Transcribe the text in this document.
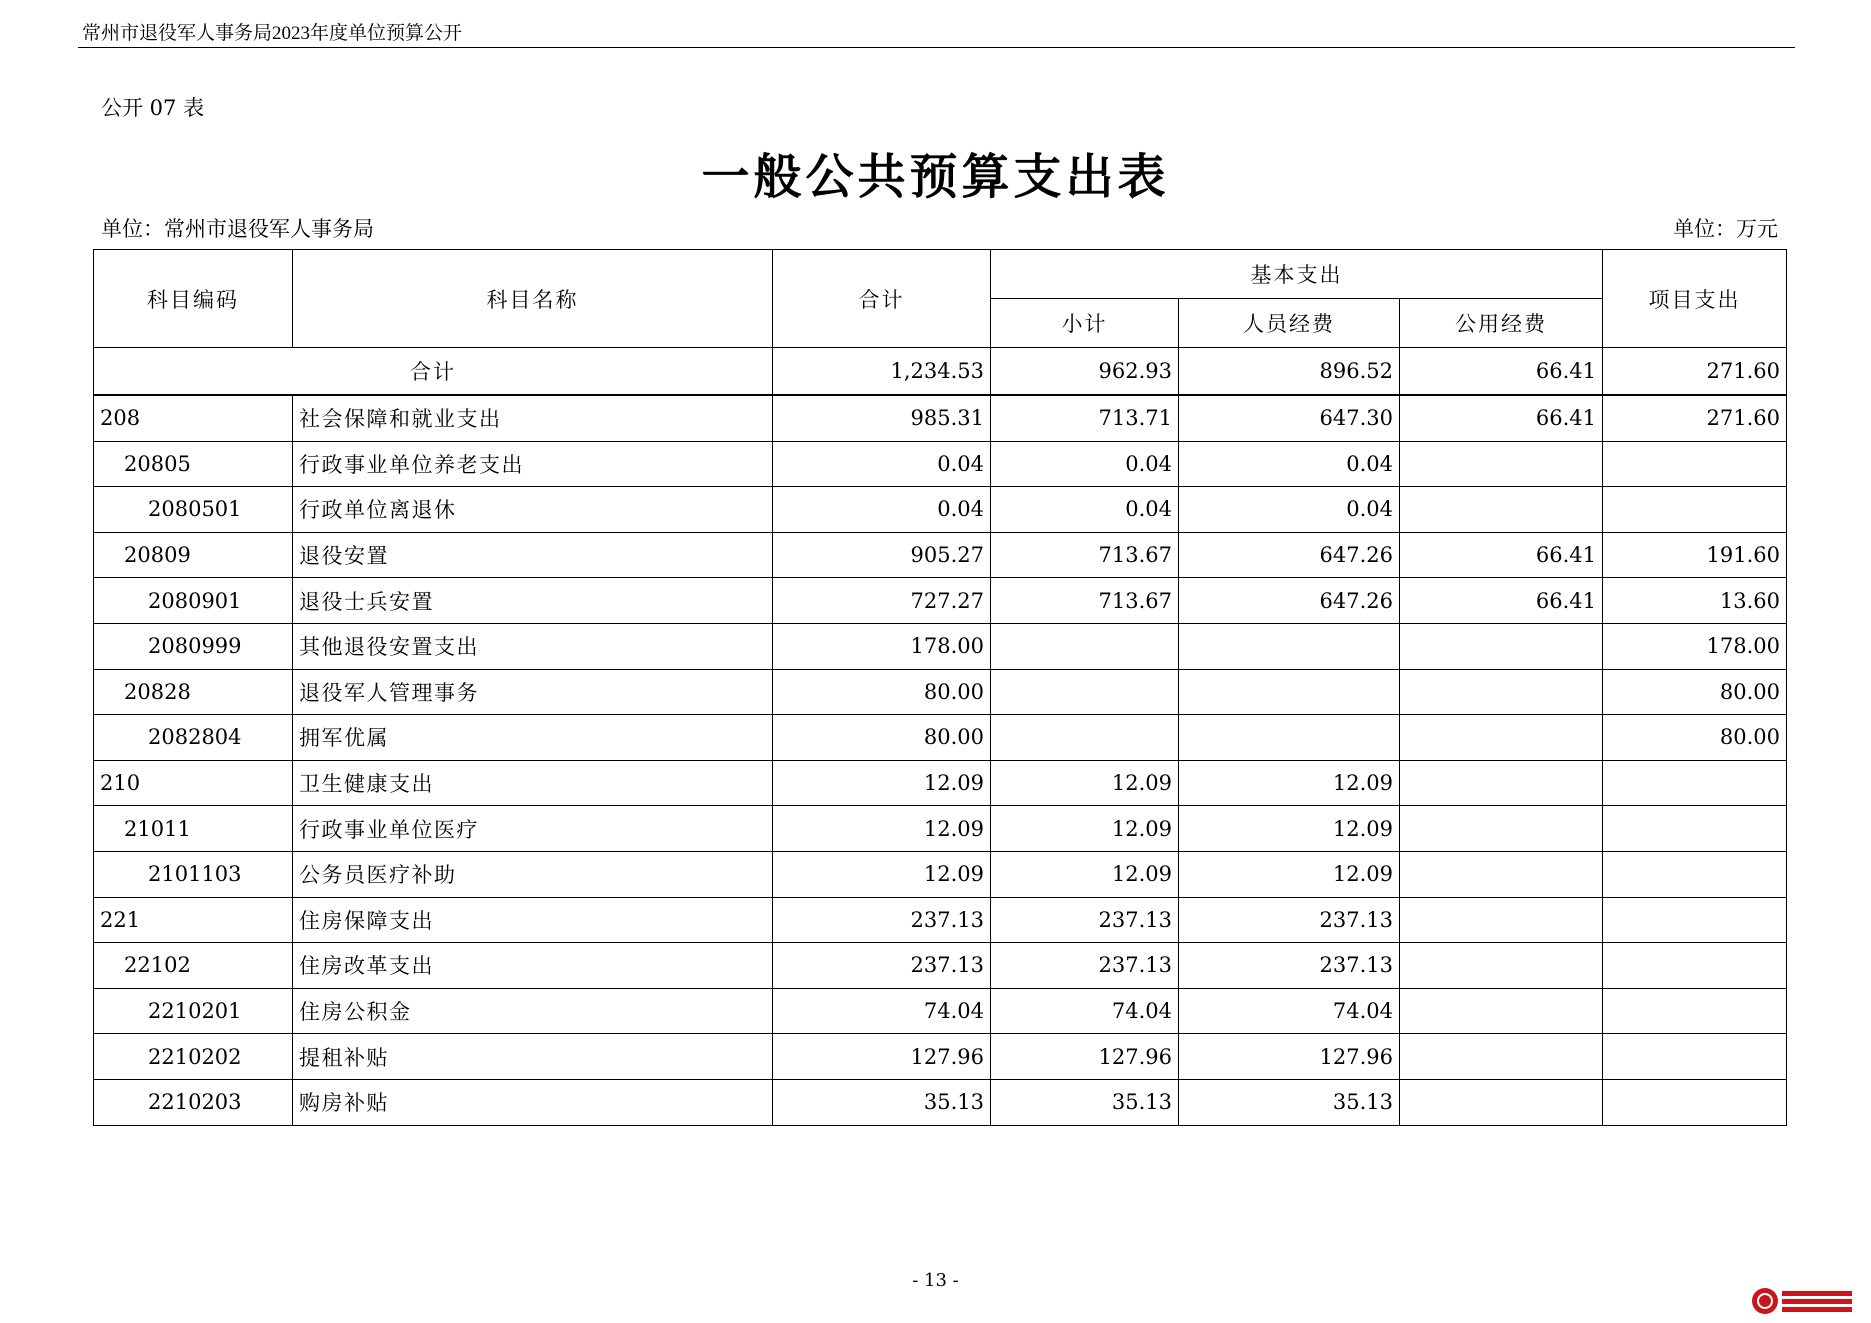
常州市退役军人事务局2023年度单位预算公开
公开 07 表
一般公共预算支出表
单位：常州市退役军人事务局	单位：万元
科目编码	科目名称	合计	基本支出			项目支出
			小计	人员经费	公用经费	
合计		1,234.53	962.93	896.52	66.41	271.60
208	社会保障和就业支出	985.31	713.71	647.30	66.41	271.60
20805	行政事业单位养老支出	0.04	0.04	0.04		
2080501	行政单位离退休	0.04	0.04	0.04		
20809	退役安置	905.27	713.67	647.26	66.41	191.60
2080901	退役士兵安置	727.27	713.67	647.26	66.41	13.60
2080999	其他退役安置支出	178.00				178.00
20828	退役军人管理事务	80.00				80.00
2082804	拥军优属	80.00				80.00
210	卫生健康支出	12.09	12.09	12.09		
21011	行政事业单位医疗	12.09	12.09	12.09		
2101103	公务员医疗补助	12.09	12.09	12.09		
221	住房保障支出	237.13	237.13	237.13		
22102	住房改革支出	237.13	237.13	237.13		
2210201	住房公积金	74.04	74.04	74.04		
2210202	提租补贴	127.96	127.96	127.96		
2210203	购房补贴	35.13	35.13	35.13		
- 13 -
